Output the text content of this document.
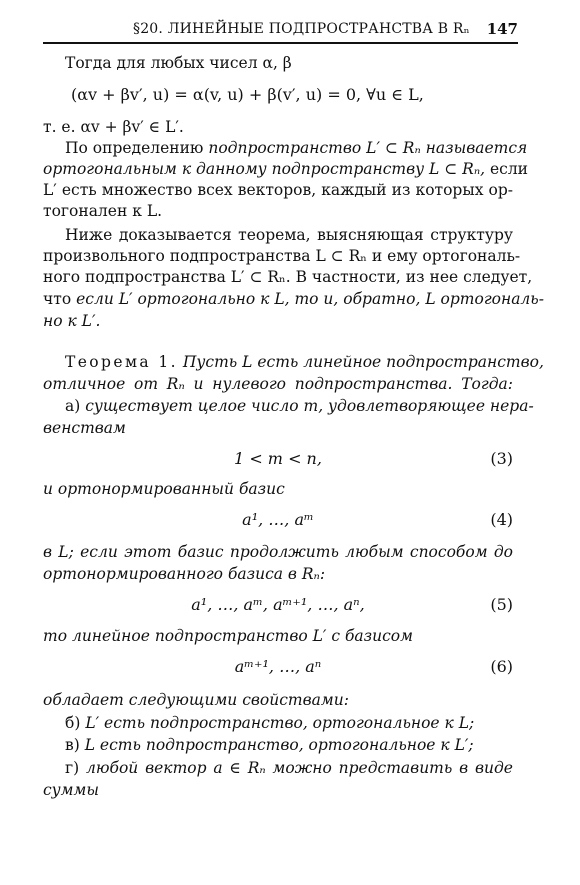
§20. ЛИНЕЙНЫЕ ПОДПРОСТРАНСТВА В Rₙ 147
Тогда для любых чисел α, β
(αv + βv′, u) = α(v, u) + β(v′, u) = 0, ∀u ∈ L,
т. е. αv + βv′ ∈ L′.
По определению подпространство L′ ⊂ Rₙ называется
ортогональным к данному подпространству L ⊂ Rₙ, если
L′ есть множество всех векторов, каждый из которых ор-
тогонален к L.
Ниже доказывается теорема, выясняющая структуру
произвольного подпространства L ⊂ Rₙ и ему ортогональ-
ного подпространства L′ ⊂ Rₙ. В частности, из нее следует,
что если L′ ортогонально к L, то и, обратно, L ортогональ-
но к L′.
Теорема 1. Пусть L есть линейное подпространство,
отличное от Rₙ и нулевого подпространства. Тогда:
а) существует целое число m, удовлетворяющее нера-
венствам
1 < m < n,	(3)
и ортонормированный базис
a¹, …, aᵐ	(4)
в L; если этот базис продолжить любым способом до
ортонормированного базиса в Rₙ:
a¹, …, aᵐ, aᵐ⁺¹, …, aⁿ,	(5)
то линейное подпространство L′ с базисом
aᵐ⁺¹, …, aⁿ	(6)
обладает следующими свойствами:
б) L′ есть подпространство, ортогональное к L;
в) L есть подпространство, ортогональное к L′;
г) любой вектор a ∈ Rₙ можно представить в виде
суммы
